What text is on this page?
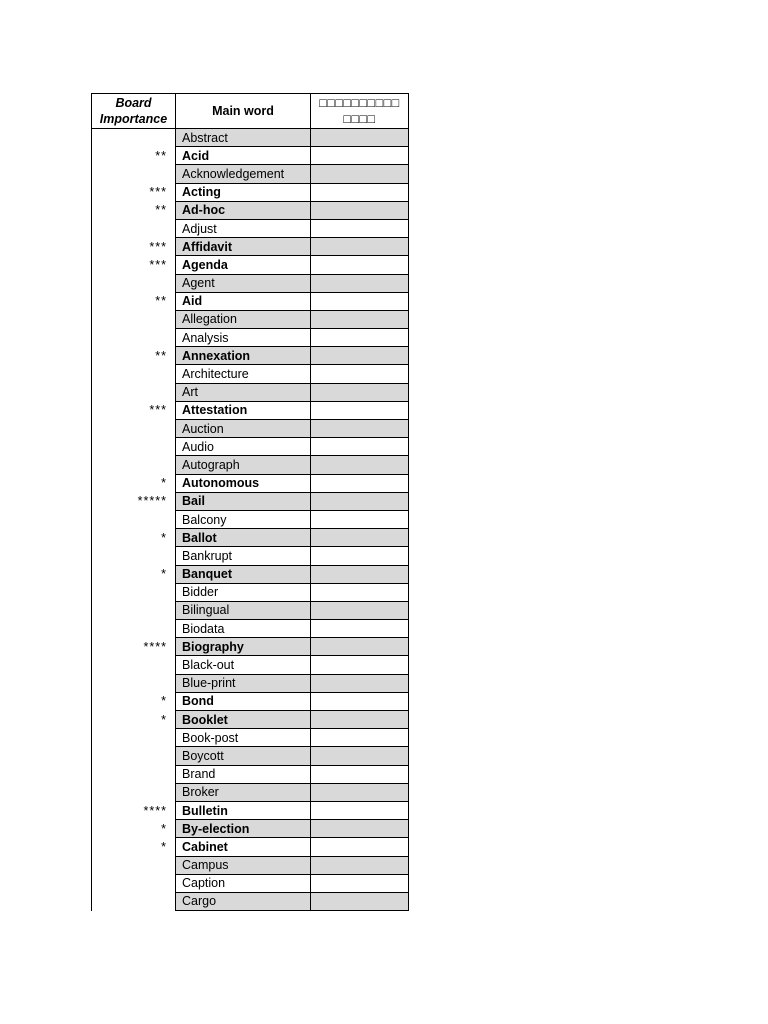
Board Importance	Main word	□□□□□□□□□□ □□□□
	Abstract	
**	Acid	
	Acknowledgement	
***	Acting	
**	Ad-hoc	
	Adjust	
***	Affidavit	
***	Agenda	
	Agent	
**	Aid	
	Allegation	
	Analysis	
**	Annexation	
	Architecture	
	Art	
***	Attestation	
	Auction	
	Audio	
	Autograph	
*	Autonomous	
*****	Bail	
	Balcony	
*	Ballot	
	Bankrupt	
*	Banquet	
	Bidder	
	Bilingual	
	Biodata	
****	Biography	
	Black-out	
	Blue-print	
*	Bond	
*	Booklet	
	Book-post	
	Boycott	
	Brand	
	Broker	
****	Bulletin	
*	By-election	
*	Cabinet	
	Campus	
	Caption	
	Cargo	
